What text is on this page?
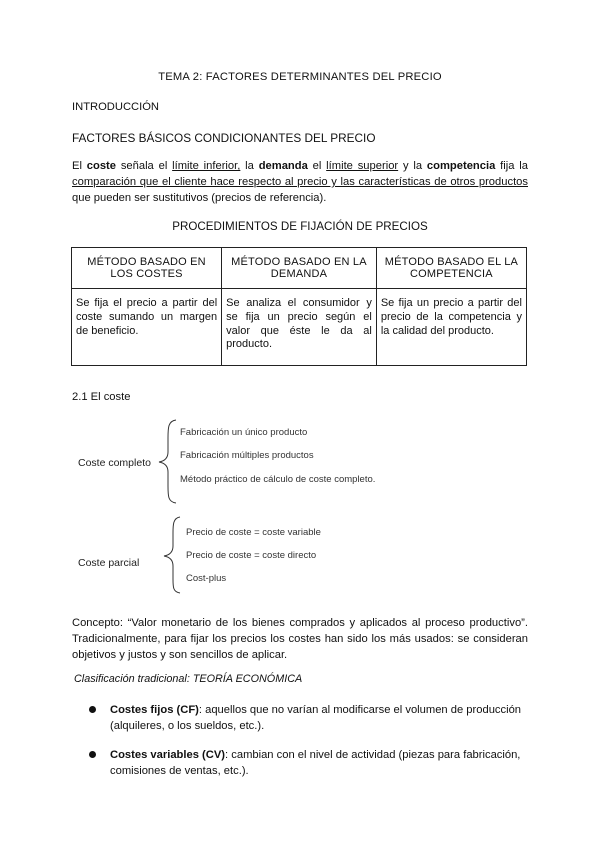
TEMA 2: FACTORES DETERMINANTES DEL PRECIO
INTRODUCCIÓN
FACTORES BÁSICOS CONDICIONANTES DEL PRECIO
El coste señala el límite inferior, la demanda el límite superior y la competencia fija la comparación que el cliente hace respecto al precio y las características de otros productos que pueden ser sustitutivos (precios de referencia).
PROCEDIMIENTOS DE FIJACIÓN DE PRECIOS
MÉTODO BASADO EN LOS COSTES	MÉTODO BASADO EN LA DEMANDA	MÉTODO BASADO EL LA COMPETENCIA
Se fija el precio a partir del coste sumando un margen de beneficio.	Se analiza el consumidor y se fija un precio según el valor que éste le da al producto.	Se fija un precio a partir del precio de la competencia y la calidad del producto.
2.1 El coste
Coste completo
Fabricación un único producto
Fabricación múltiples productos
Método práctico de cálculo de coste completo.
Coste parcial
Precio de coste = coste variable
Precio de coste = coste directo
Cost-plus
Concepto: “Valor monetario de los bienes comprados y aplicados al proceso productivo”. Tradicionalmente, para fijar los precios los costes han sido los más usados: se consideran objetivos y justos y son sencillos de aplicar.
Clasificación tradicional: TEORÍA ECONÓMICA
Costes fijos (CF): aquellos que no varían al modificarse el volumen de producción (alquileres, o los sueldos, etc.).
Costes variables (CV): cambian con el nivel de actividad (piezas para fabricación, comisiones de ventas, etc.).
